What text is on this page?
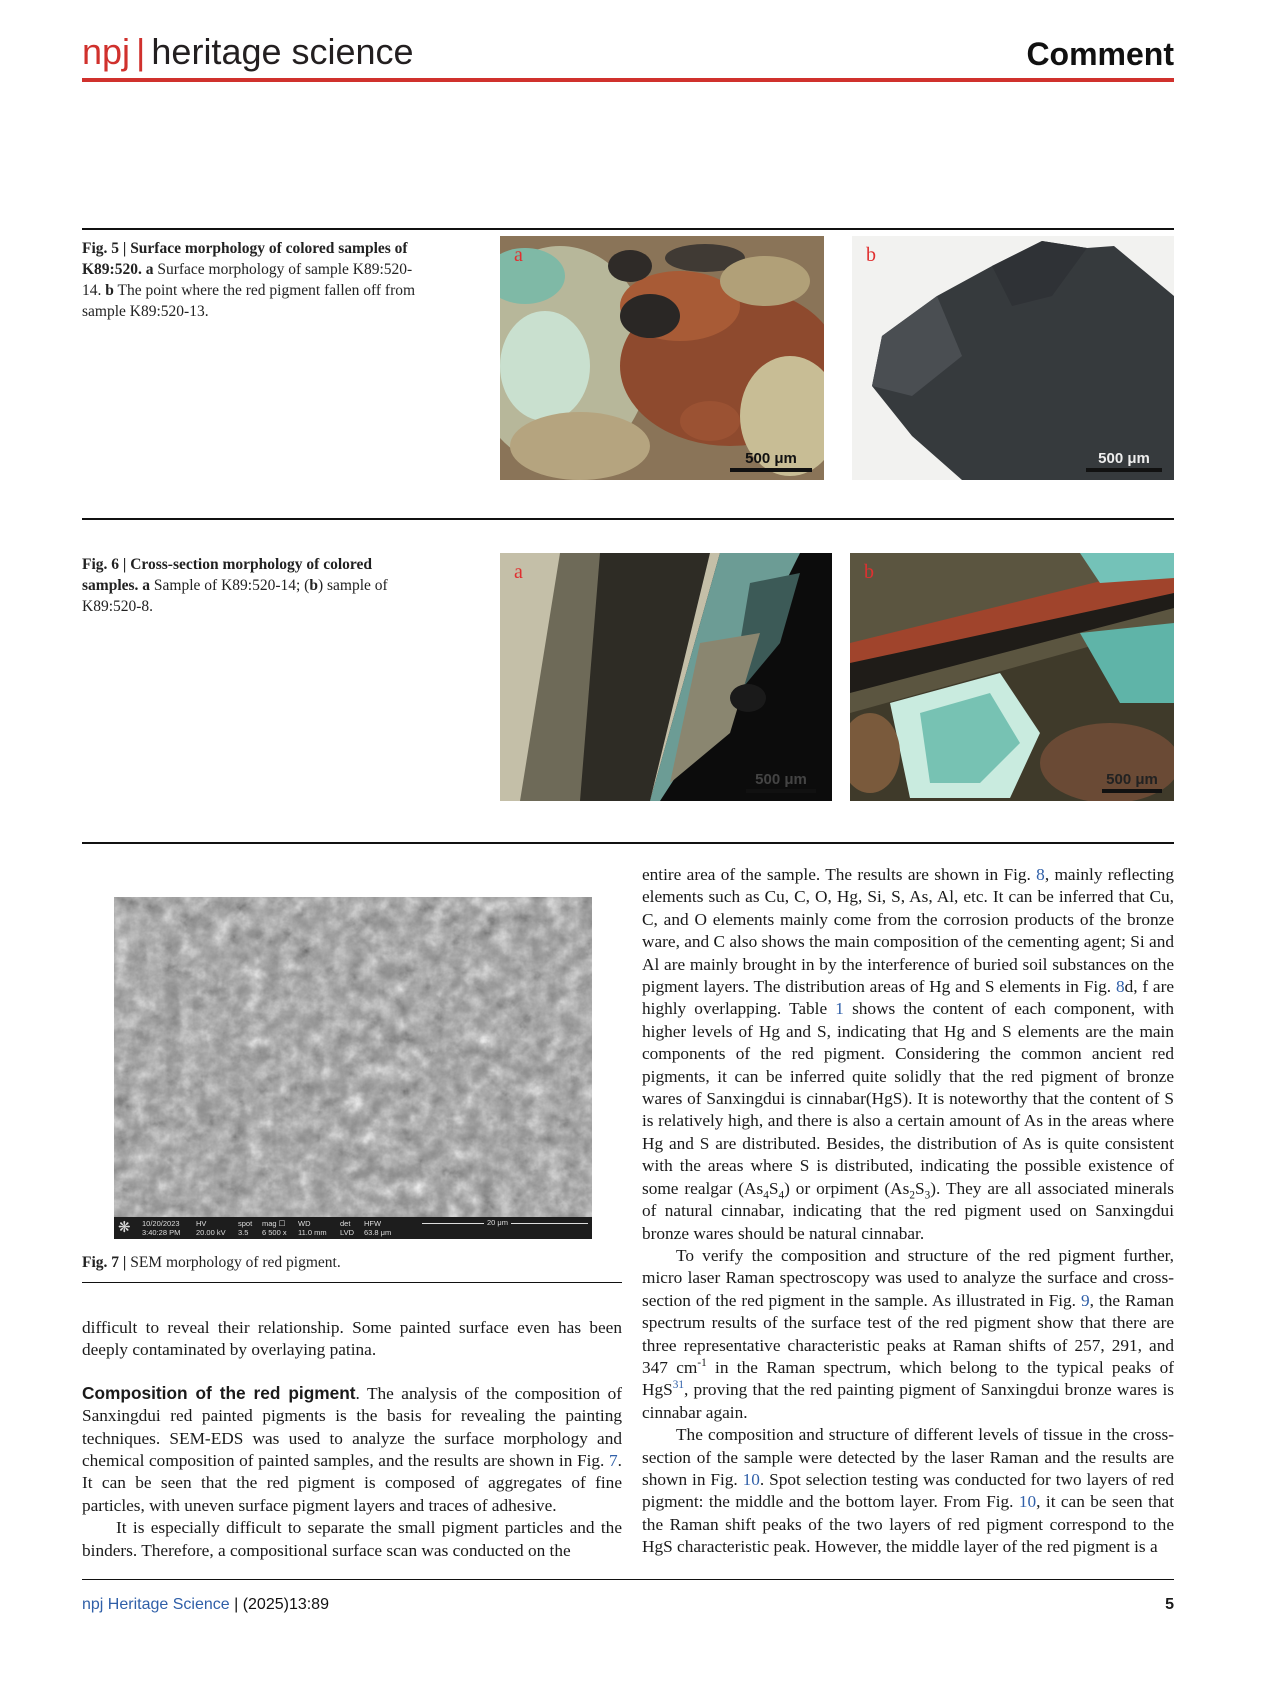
npj | heritage science	Comment
Fig. 5 | Surface morphology of colored samples of K89:520. a Surface morphology of sample K89:520-14. b The point where the red pigment fallen off from sample K89:520-13.
a
500 μm
b
500 μm
Fig. 6 | Cross-section morphology of colored samples. a Sample of K89:520-14; (b) sample of K89:520-8.
a
500 μm
b
500 μm
❋ 10/20/2023
3:40:28 PM
HV
20.00 kV
spot
3.5
mag ☐
6 500 x
WD
11.0 mm
det
LVD
HFW
63.8 μm
20 μm
Fig. 7 | SEM morphology of red pigment.

difficult to reveal their relationship. Some painted surface even has been deeply contaminated by overlaying patina.

Composition of the red pigment. The analysis of the composition of Sanxingdui red painted pigments is the basis for revealing the painting techniques. SEM-EDS was used to analyze the surface morphology and chemical composition of painted samples, and the results are shown in Fig. 7. It can be seen that the red pigment is composed of aggregates of fine particles, with uneven surface pigment layers and traces of adhesive.

It is especially difficult to separate the small pigment particles and the binders. Therefore, a compositional surface scan was conducted on the

entire area of the sample. The results are shown in Fig. 8, mainly reflecting elements such as Cu, C, O, Hg, Si, S, As, Al, etc. It can be inferred that Cu, C, and O elements mainly come from the corrosion products of the bronze ware, and C also shows the main composition of the cementing agent; Si and Al are mainly brought in by the interference of buried soil substances on the pigment layers. The distribution areas of Hg and S elements in Fig. 8d, f are highly overlapping. Table 1 shows the content of each component, with higher levels of Hg and S, indicating that Hg and S elements are the main components of the red pigment. Considering the common ancient red pigments, it can be inferred quite solidly that the red pigment of bronze wares of Sanxingdui is cinnabar(HgS). It is noteworthy that the content of S is relatively high, and there is also a certain amount of As in the areas where Hg and S are distributed. Besides, the distribution of As is quite consistent with the areas where S is distributed, indicating the possible existence of some realgar $(As_4S_4)$ or orpiment $(As_2S_3)$. They are all associated minerals of natural cinnabar, indicating that the red pigment used on Sanxingdui bronze wares should be natural cinnabar.

To verify the composition and structure of the red pigment further, micro laser Raman spectroscopy was used to analyze the surface and cross-section of the red pigment in the sample. As illustrated in Fig. 9, the Raman spectrum results of the surface test of the red pigment show that there are three representative characteristic peaks at Raman shifts of 257, 291, and 347 $cm^{-1}$ in the Raman spectrum, which belong to the typical peaks of HgS$^{31}$, proving that the red painting pigment of Sanxingdui bronze wares is cinnabar again.

The composition and structure of different levels of tissue in the cross-section of the sample were detected by the laser Raman and the results are shown in Fig. 10. Spot selection testing was conducted for two layers of red pigment: the middle and the bottom layer. From Fig. 10, it can be seen that the Raman shift peaks of the two layers of red pigment correspond to the HgS characteristic peak. However, the middle layer of the red pigment is a

npj Heritage Science | (2025)13:89	5
